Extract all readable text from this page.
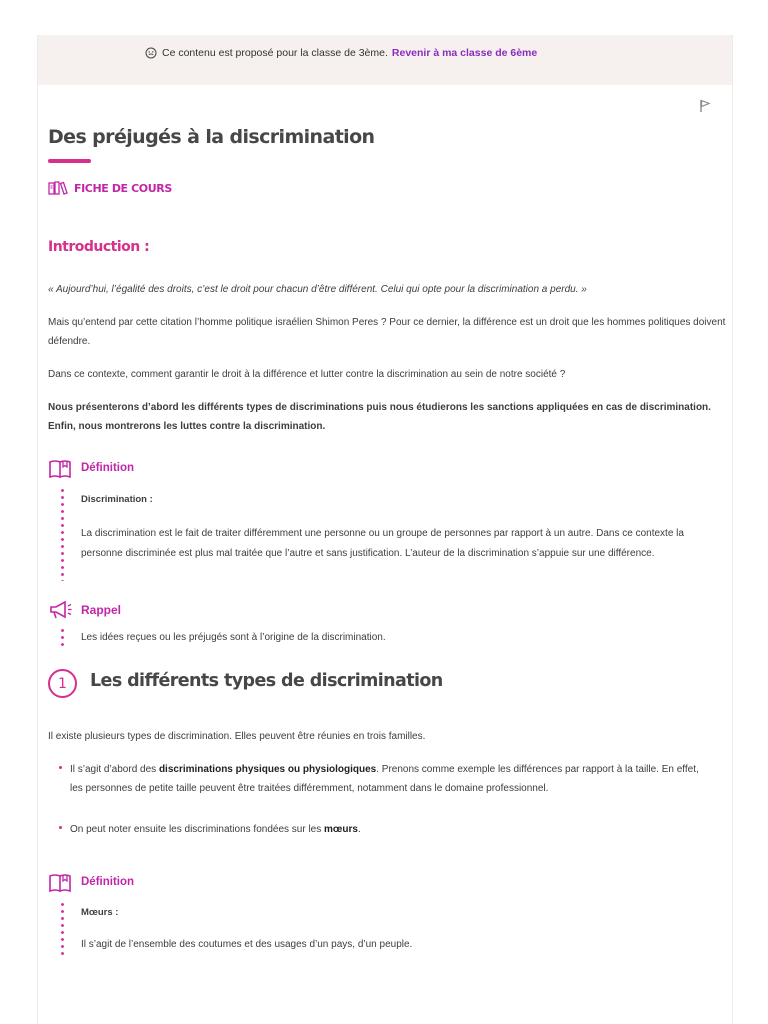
Ce contenu est proposé pour la classe de 3ème. Revenir à ma classe de 6ème
Des préjugés à la discrimination
FICHE DE COURS
Introduction :

« Aujourd’hui, l’égalité des droits, c’est le droit pour chacun d’être différent. Celui qui opte pour la discrimination a perdu. »

Mais qu’entend par cette citation l’homme politique israélien Shimon Peres ? Pour ce dernier, la différence est un droit que les hommes politiques doivent défendre.

Dans ce contexte, comment garantir le droit à la différence et lutter contre la discrimination au sein de notre société ?

Nous présenterons d’abord les différents types de discriminations puis nous étudierons les sanctions appliquées en cas de discrimination. Enfin, nous montrerons les luttes contre la discrimination.

Définition

Discrimination :

La discrimination est le fait de traiter différemment une personne ou un groupe de personnes par rapport à un autre. Dans ce contexte la personne discriminée est plus mal traitée que l’autre et sans justification. L’auteur de la discrimination s’appuie sur une différence.

Rappel

Les idées reçues ou les préjugés sont à l’origine de la discrimination.

1	Les différents types de discrimination

Il existe plusieurs types de discrimination. Elles peuvent être réunies en trois familles.

Il s’agit d’abord des discriminations physiques ou physiologiques. Prenons comme exemple les différences par rapport à la taille. En effet, les personnes de petite taille peuvent être traitées différemment, notamment dans le domaine professionnel.
On peut noter ensuite les discriminations fondées sur les mœurs.
Définition

Mœurs :

Il s’agit de l’ensemble des coutumes et des usages d’un pays, d’un peuple.
